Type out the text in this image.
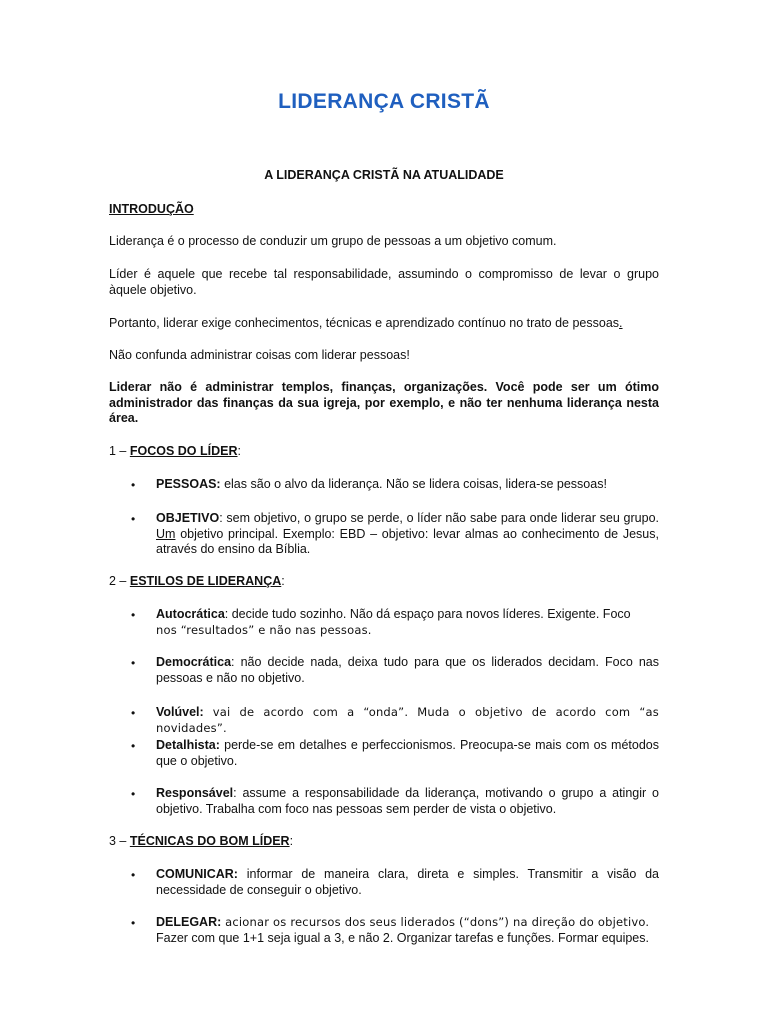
LIDERANÇA CRISTÃ
A LIDERANÇA CRISTÃ NA ATUALIDADE
INTRODUÇÃO
Liderança é o processo de conduzir um grupo de pessoas a um objetivo comum.
Líder é aquele que recebe tal responsabilidade, assumindo o compromisso de levar o grupo àquele objetivo.
Portanto, liderar exige conhecimentos, técnicas e aprendizado contínuo no trato de pessoas.
Não confunda administrar coisas com liderar pessoas!
Liderar não é administrar templos, finanças, organizações. Você pode ser um ótimo administrador das finanças da sua igreja, por exemplo, e não ter nenhuma liderança nesta área.
1 – FOCOS DO LÍDER:
• PESSOAS: elas são o alvo da liderança. Não se lidera coisas, lidera-se pessoas!
• OBJETIVO: sem objetivo, o grupo se perde, o líder não sabe para onde liderar seu grupo. Um objetivo principal. Exemplo: EBD – objetivo: levar almas ao conhecimento de Jesus, através do ensino da Bíblia.
2 – ESTILOS DE LIDERANÇA:
• Autocrática: decide tudo sozinho. Não dá espaço para novos líderes. Exigente. Foco
nos “resultados” e não nas pessoas.
• Democrática: não decide nada, deixa tudo para que os liderados decidam. Foco nas pessoas e não no objetivo.
• Volúvel: vai de acordo com a “onda”. Muda o objetivo de acordo com “as novidades”.
• Detalhista: perde-se em detalhes e perfeccionismos. Preocupa-se mais com os métodos que o objetivo.
• Responsável: assume a responsabilidade da liderança, motivando o grupo a atingir o objetivo. Trabalha com foco nas pessoas sem perder de vista o objetivo.
3 – TÉCNICAS DO BOM LÍDER:
• COMUNICAR: informar de maneira clara, direta e simples. Transmitir a visão da necessidade de conseguir o objetivo.
• DELEGAR: acionar os recursos dos seus liderados (“dons”) na direção do objetivo.
Fazer com que 1+1 seja igual a 3, e não 2. Organizar tarefas e funções. Formar equipes.
